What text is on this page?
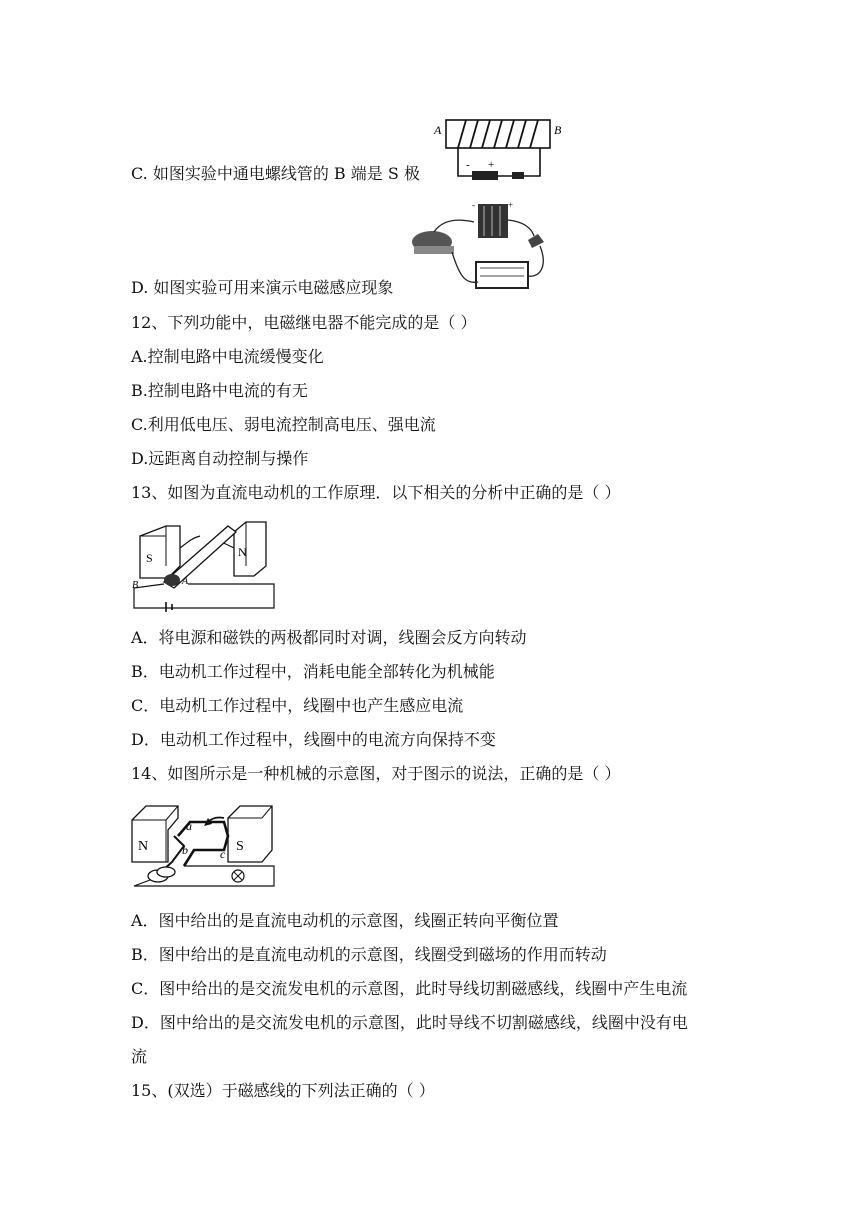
A	B
- +
C. 如图实验中通电螺线管的 B 端是 S 极
-	+
D. 如图实验可用来演示电磁感应现象
12、下列功能中，电磁继电器不能完成的是（ ）
A.控制电路中电流缓慢变化
B.控制电路中电流的有无
C.利用低电压、弱电流控制高电压、强电流
D.远距离自动控制与操作
13、如图为直流电动机的工作原理．以下相关的分析中正确的是（ ）
S	N
B	A
A．将电源和磁铁的两极都同时对调，线圈会反方向转动
B．电动机工作过程中，消耗电能全部转化为机械能
C．电动机工作过程中，线圈中也产生感应电流
D．电动机工作过程中，线圈中的电流方向保持不变
14、如图所示是一种机械的示意图，对于图示的说法，正确的是（ ）
N	S
a
b	c
A．图中给出的是直流电动机的示意图，线圈正转向平衡位置
B．图中给出的是直流电动机的示意图，线圈受到磁场的作用而转动
C．图中给出的是交流发电机的示意图，此时导线切割磁感线，线圈中产生电流
D．图中给出的是交流发电机的示意图，此时导线不切割磁感线，线圈中没有电
流
15、(双选）于磁感线的下列法正确的（ ）
